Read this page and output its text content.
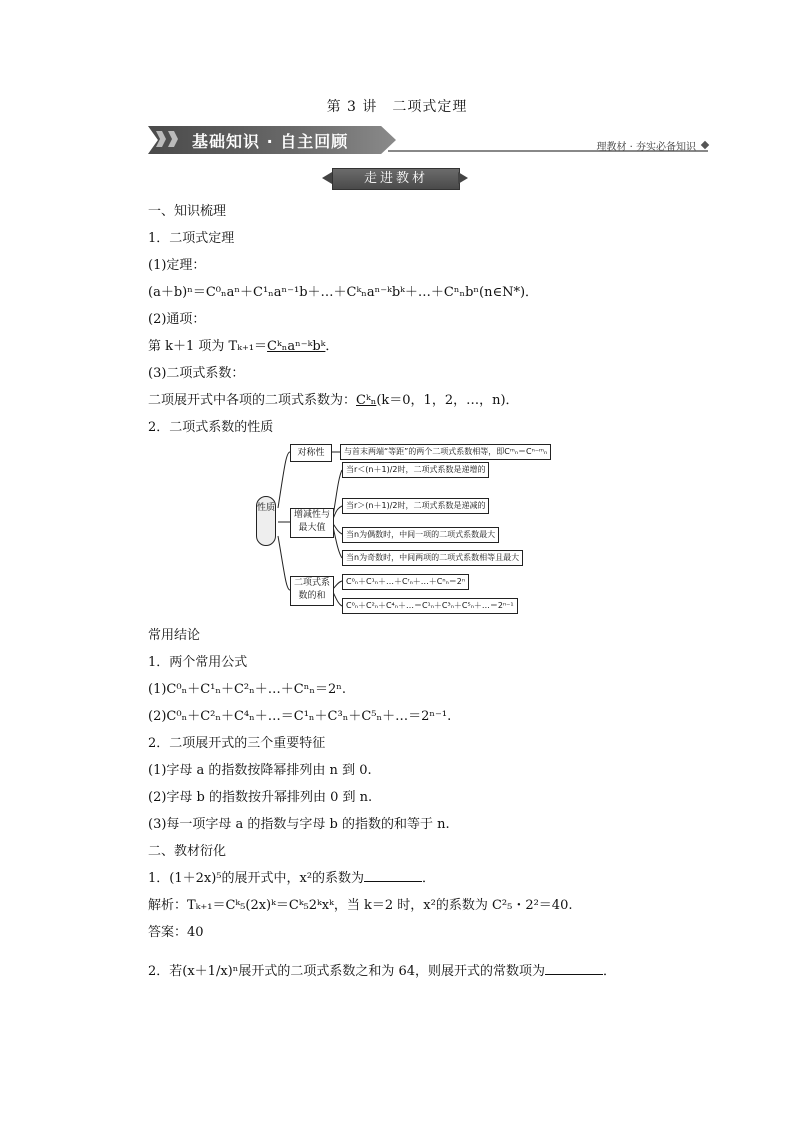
第 3 讲　二项式定理
基础知识 · 自主回顾	理教材 · 夯实必备知识
走进教材
一、知识梳理
1．二项式定理
(1)定理：
(a＋b)ⁿ＝C⁰ₙaⁿ＋C¹ₙaⁿ⁻¹b＋…＋Cᵏₙaⁿ⁻ᵏbᵏ＋…＋Cⁿₙbⁿ(n∈N*)．
(2)通项：
第 k＋1 项为 Tₖ₊₁＝Cᵏₙaⁿ⁻ᵏbᵏ．
(3)二项式系数：
二项展开式中各项的二项式系数为：Cᵏₙ(k＝0，1，2，…，n)．
2．二项式系数的性质
性质
对称性
增减性与最大值
二项式系数的和
与首末两端“等距”的两个二项式系数相等，即Cᵐₙ＝Cⁿ⁻ᵐₙ
当r＜(n＋1)/2时，二项式系数是递增的
当r＞(n＋1)/2时，二项式系数是递减的
当n为偶数时，中间一项的二项式系数最大
当n为奇数时，中间两项的二项式系数相等且最大
C⁰ₙ＋C¹ₙ＋…＋Cʳₙ＋…＋Cⁿₙ＝2ⁿ
C⁰ₙ＋C²ₙ＋C⁴ₙ＋…＝C¹ₙ＋C³ₙ＋C⁵ₙ＋…＝2ⁿ⁻¹
常用结论
1．两个常用公式
(1)C⁰ₙ＋C¹ₙ＋C²ₙ＋…＋Cⁿₙ＝2ⁿ.
(2)C⁰ₙ＋C²ₙ＋C⁴ₙ＋…＝C¹ₙ＋C³ₙ＋C⁵ₙ＋…＝2ⁿ⁻¹.
2．二项展开式的三个重要特征
(1)字母 a 的指数按降幂排列由 n 到 0.
(2)字母 b 的指数按升幂排列由 0 到 n.
(3)每一项字母 a 的指数与字母 b 的指数的和等于 n.
二、教材衍化
1．(1＋2x)⁵的展开式中，x²的系数为	．
解析：Tₖ₊₁＝Cᵏ₅(2x)ᵏ＝Cᵏ₅2ᵏxᵏ，当 k＝2 时，x²的系数为 C²₅・2²＝40.
答案：40
2．若(x＋1/x)ⁿ展开式的二项式系数之和为 64，则展开式的常数项为	．
